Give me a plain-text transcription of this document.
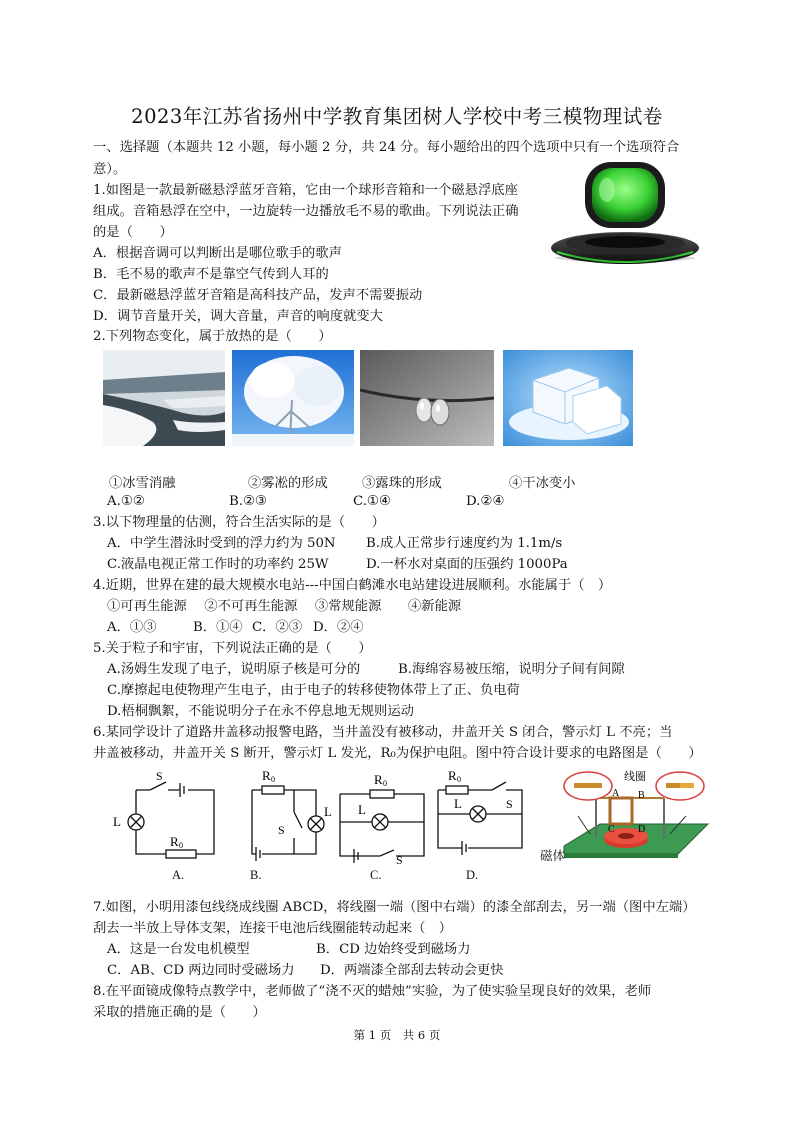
2023年江苏省扬州中学教育集团树人学校中考三模物理试卷
一、选择题（本题共 12 小题，每小题 2 分，共 24 分。每小题给出的四个选项中只有一个选项符合
意）。
1.如图是一款最新磁悬浮蓝牙音箱，它由一个球形音箱和一个磁悬浮底座
组成。音箱悬浮在空中，一边旋转一边播放毛不易的歌曲。下列说法正确
的是（　　）
A．根据音调可以判断出是哪位歌手的歌声
B．毛不易的歌声不是靠空气传到人耳的
C．最新磁悬浮蓝牙音箱是高科技产品，发声不需要振动
D．调节音量开关，调大音量，声音的响度就变大
2.下列物态变化，属于放热的是（　　）
①冰雪消融	②雾凇的形成	③露珠的形成	④干冰变小
A.①②	B.②③	C.①④	D.②④
3.以下物理量的估测，符合生活实际的是（　　）
A．中学生潜泳时受到的浮力约为 50N B.成人正常步行速度约为 1.1m/s
C.液晶电视正常工作时的功率约 25W	D.一杯水对桌面的压强约 1000Pa
4.近期，世界在建的最大规模水电站---中国白鹤滩水电站建设进展顺利。水能属于（　）
①可再生能源　 ②不可再生能源　 ③常规能源　　④新能源
A．①③	B．①④ C．②③ D．②④
5.关于粒子和宇宙，下列说法正确的是（　　）
A.汤姆生发现了电子，说明原子核是可分的	B.海绵容易被压缩，说明分子间有间隙
C.摩擦起电使物理产生电子，由于电子的转移使物体带上了正、负电荷
D.梧桐飘絮，不能说明分子在永不停息地无规则运动
6.某同学设计了道路井盖移动报警电路，当井盖没有被移动，井盖开关 S 闭合，警示灯 L 不亮；当
井盖被移动，井盖开关 S 断开，警示灯 L 发光，R₀为保护电阻。图中符合设计要求的电路图是（　　）
S
L
R 0
A.
R 0
S
L
B.
R 0
L
S
C.
R 0
L	S
D.
线圈
A B
C D
磁体
7.如图，小明用漆包线绕成线圈 ABCD，将线圈一端（图中右端）的漆全部刮去，另一端（图中左端）
刮去一半放上导体支架，连接干电池后线圈能转动起来（　）
A．这是一台发电机模型	B．CD 边始终受到磁场力
C．AB、CD 两边同时受磁场力 D．两端漆全部刮去转动会更快
8.在平面镜成像特点教学中，老师做了“浇不灭的蜡烛”实验，为了使实验呈现良好的效果，老师
采取的措施正确的是（　　）
第 1 页　共 6 页
